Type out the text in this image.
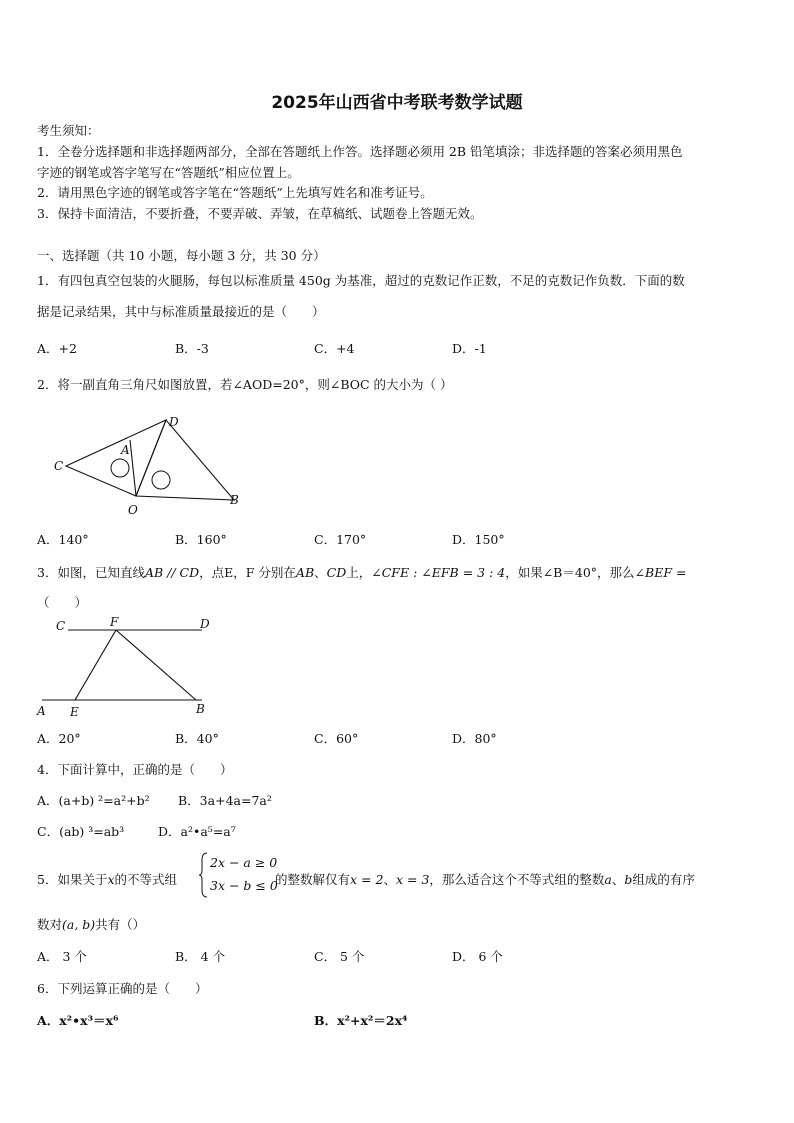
2025年山西省中考联考数学试题
考生须知：
1．全卷分选择题和非选择题两部分，全部在答题纸上作答。选择题必须用 2B 铅笔填涂；非选择题的答案必须用黑色
字迹的钢笔或答字笔写在“答题纸”相应位置上。
2．请用黑色字迹的钢笔或答字笔在“答题纸”上先填写姓名和准考证号。
3．保持卡面清洁，不要折叠，不要弄破、弄皱，在草稿纸、试题卷上答题无效。
一、选择题（共 10 小题，每小题 3 分，共 30 分）
1．有四包真空包装的火腿肠，每包以标准质量 450g 为基准，超过的克数记作正数，不足的克数记作负数．下面的数
据是记录结果，其中与标准质量最接近的是（　　）
A．+2	B．-3	C．+4	D．-1
2．将一副直角三角尺如图放置，若∠AOD=20°，则∠BOC 的大小为（ ）
C
A
D
O
B
A．140°	B．160°	C．170°	D．150°
3．如图，已知直线AB // CD，点E，F 分别在AB、CD上，∠CFE : ∠EFB = 3 : 4，如果∠B＝40°，那么∠BEF =
（　　）
C	F	D
A E	B
A．20°	B．40°	C．60°	D．80°
4．下面计算中，正确的是（　　）
A．(a+b) ²=a²+b² B．3a+4a=7a²
C．(ab) ³=ab³	D．a²•a⁵=a⁷
5．如果关于x的不等式组
2x − a ≥ 0
3x − b ≤ 0
的整数解仅有x = 2、x = 3，那么适合这个不等式组的整数a、b组成的有序
数对(a, b)共有（）
A． 3 个	B． 4 个	C． 5 个	D． 6 个
6．下列运算正确的是（　　）
A．x²•x³＝x⁶	B．x²+x²＝2x⁴
